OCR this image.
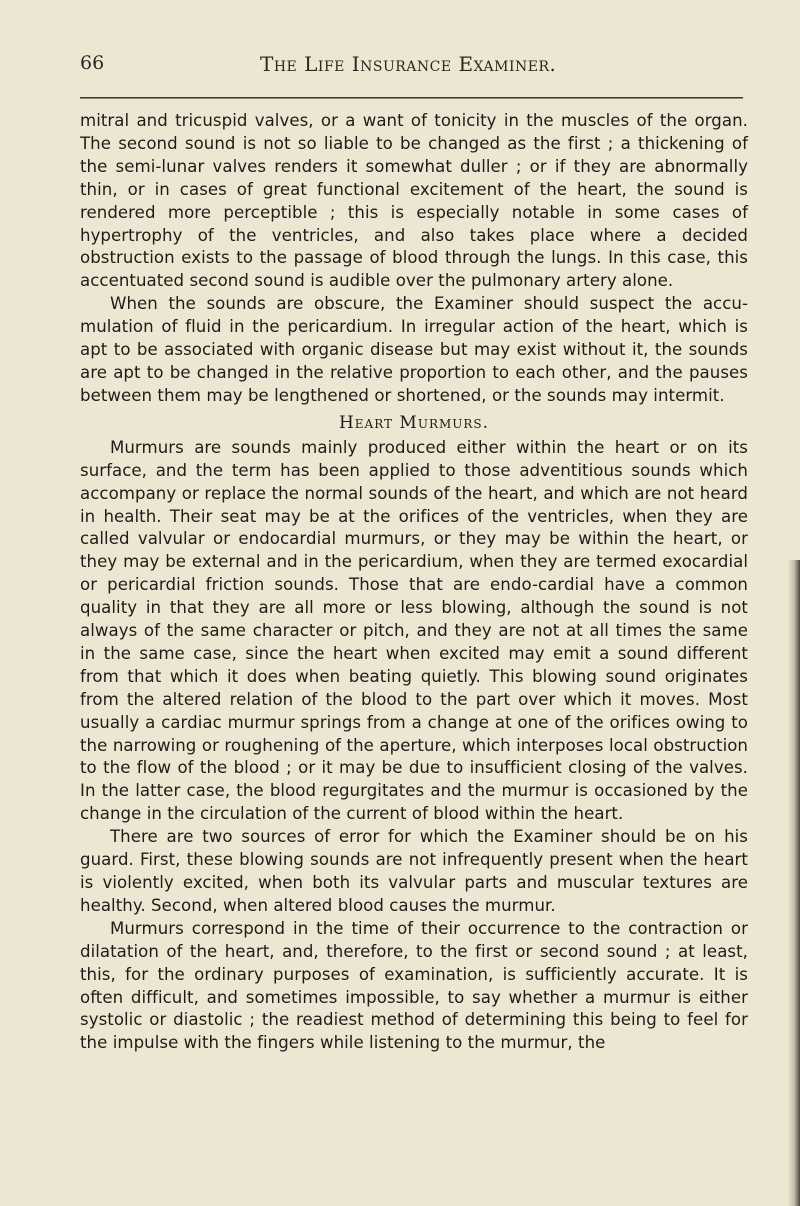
66	The Life Insurance Examiner.

mitral and tricuspid valves, or a want of tonicity in the muscles of the organ. The second sound is not so liable to be changed as the first ; a thickening of the semi-lunar valves renders it somewhat duller ; or if they are abnormally thin, or in cases of great functional excitement of the heart, the sound is rendered more perceptible ; this is especially notable in some cases of hypertrophy of the ventricles, and also takes place where a decided obstruction exists to the passage of blood through the lungs. In this case, this accentuated second sound is audible over the pulmonary artery alone.

When the sounds are obscure, the Examiner should suspect the accu-mulation of fluid in the pericardium. In irregular action of the heart, which is apt to be associated with organic disease but may exist without it, the sounds are apt to be changed in the relative proportion to each other, and the pauses between them may be lengthened or shortened, or the sounds may intermit.

Heart Murmurs.

Murmurs are sounds mainly produced either within the heart or on its surface, and the term has been applied to those adventitious sounds which accompany or replace the normal sounds of the heart, and which are not heard in health. Their seat may be at the orifices of the ventricles, when they are called valvular or endocardial murmurs, or they may be within the heart, or they may be external and in the pericardium, when they are termed exocardial or pericardial friction sounds. Those that are endo-cardial have a common quality in that they are all more or less blowing, although the sound is not always of the same character or pitch, and they are not at all times the same in the same case, since the heart when excited may emit a sound different from that which it does when beating quietly. This blowing sound originates from the altered relation of the blood to the part over which it moves. Most usually a cardiac murmur springs from a change at one of the orifices owing to the narrowing or roughening of the aperture, which interposes local obstruction to the flow of the blood ; or it may be due to insufficient closing of the valves. In the latter case, the blood regurgitates and the murmur is occasioned by the change in the circulation of the current of blood within the heart.

There are two sources of error for which the Examiner should be on his guard. First, these blowing sounds are not infrequently present when the heart is violently excited, when both its valvular parts and muscular textures are healthy. Second, when altered blood causes the murmur.

Murmurs correspond in the time of their occurrence to the contraction or dilatation of the heart, and, therefore, to the first or second sound ; at least, this, for the ordinary purposes of examination, is sufficiently accurate. It is often difficult, and sometimes impossible, to say whether a murmur is either systolic or diastolic ; the readiest method of determining this being to feel for the impulse with the fingers while listening to the murmur, the
